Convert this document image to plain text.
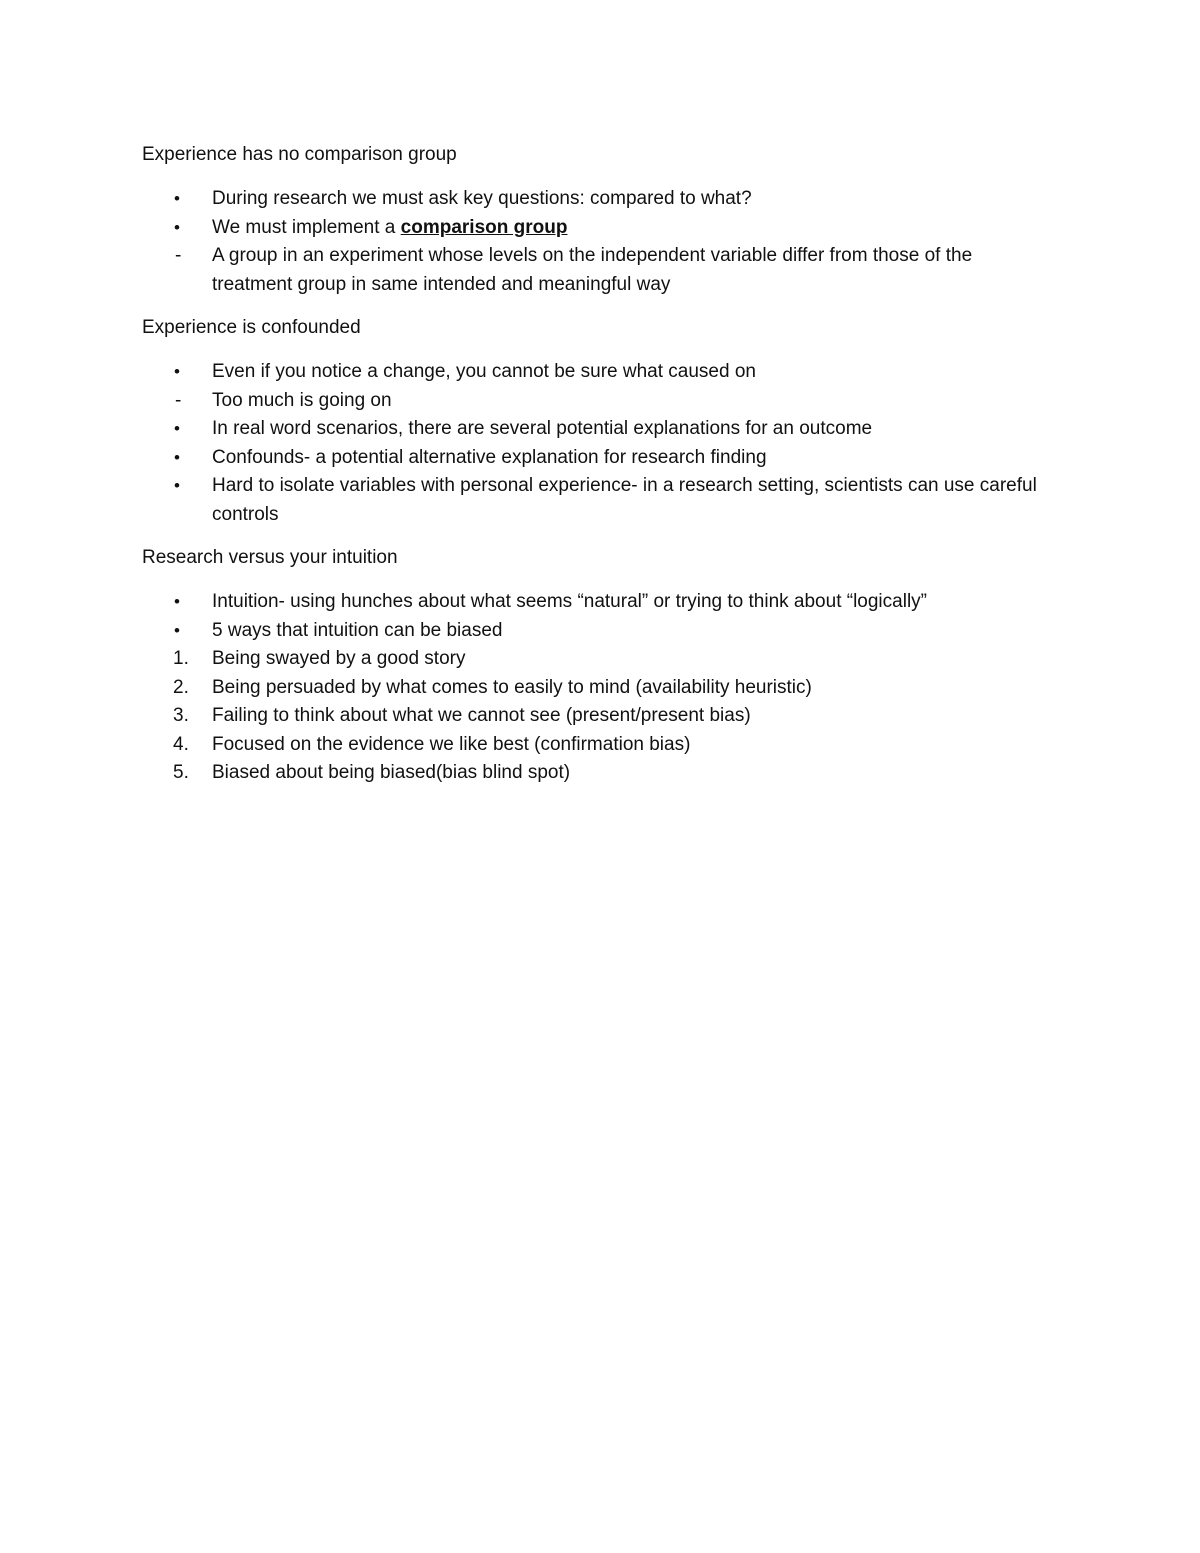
Experience has no comparison group
•	During research we must ask key questions: compared to what?
•	We must implement a comparison group
-	A group in an experiment whose levels on the independent variable differ from those of the treatment group in same intended and meaningful way
Experience is confounded
•	Even if you notice a change, you cannot be sure what caused on
-	Too much is going on
•	In real word scenarios, there are several potential explanations for an outcome
•	Confounds- a potential alternative explanation for research finding
•	Hard to isolate variables with personal experience- in a research setting, scientists can use careful controls
Research versus your intuition
•	Intuition- using hunches about what seems “natural” or trying to think about “logically”
•	5 ways that intuition can be biased
1.	Being swayed by a good story
2.	Being persuaded by what comes to easily to mind (availability heuristic)
3.	Failing to think about what we cannot see (present/present bias)
4.	Focused on the evidence we like best (confirmation bias)
5.	Biased about being biased(bias blind spot)
